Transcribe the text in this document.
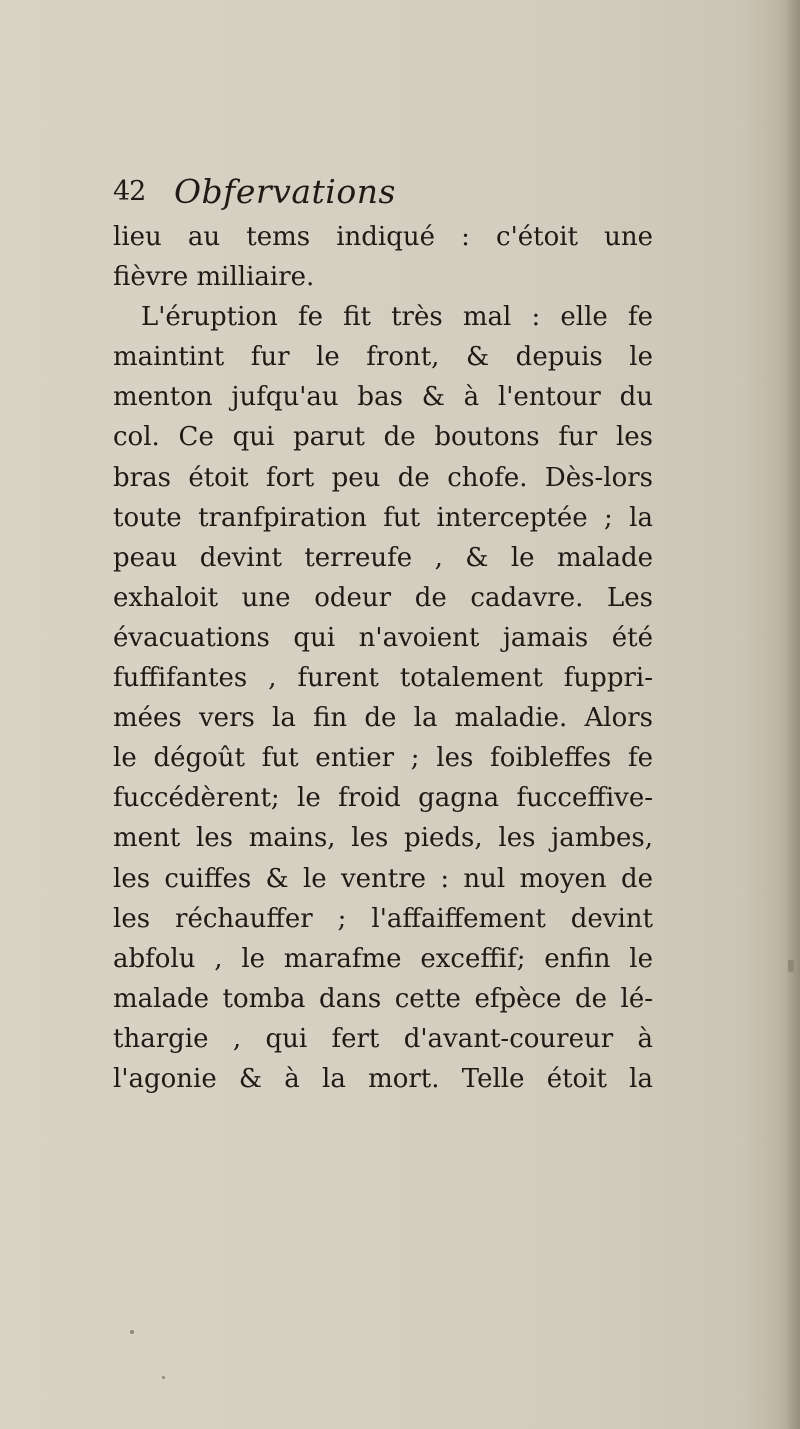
42 Obfervations
lieu au tems indiqué : c'étoit une
fièvre milliaire.
L'éruption fe fit très mal : elle fe
maintint fur le front, & depuis le
menton jufqu'au bas & à l'entour du
col. Ce qui parut de boutons fur les
bras étoit fort peu de chofe. Dès-lors
toute tranfpiration fut interceptée ; la
peau devint terreufe , & le malade
exhaloit une odeur de cadavre. Les
évacuations qui n'avoient jamais été
fuffifantes , furent totalement fuppri-
mées vers la fin de la maladie. Alors
le dégoût fut entier ; les foibleffes fe
fuccédèrent; le froid gagna fucceffive-
ment les mains, les pieds, les jambes,
les cuiffes & le ventre : nul moyen de
les réchauffer ; l'affaiffement devint
abfolu , le marafme exceffif; enfin le
malade tomba dans cette efpèce de lé-
thargie , qui fert d'avant-coureur à
l'agonie & à la mort. Telle étoit la
